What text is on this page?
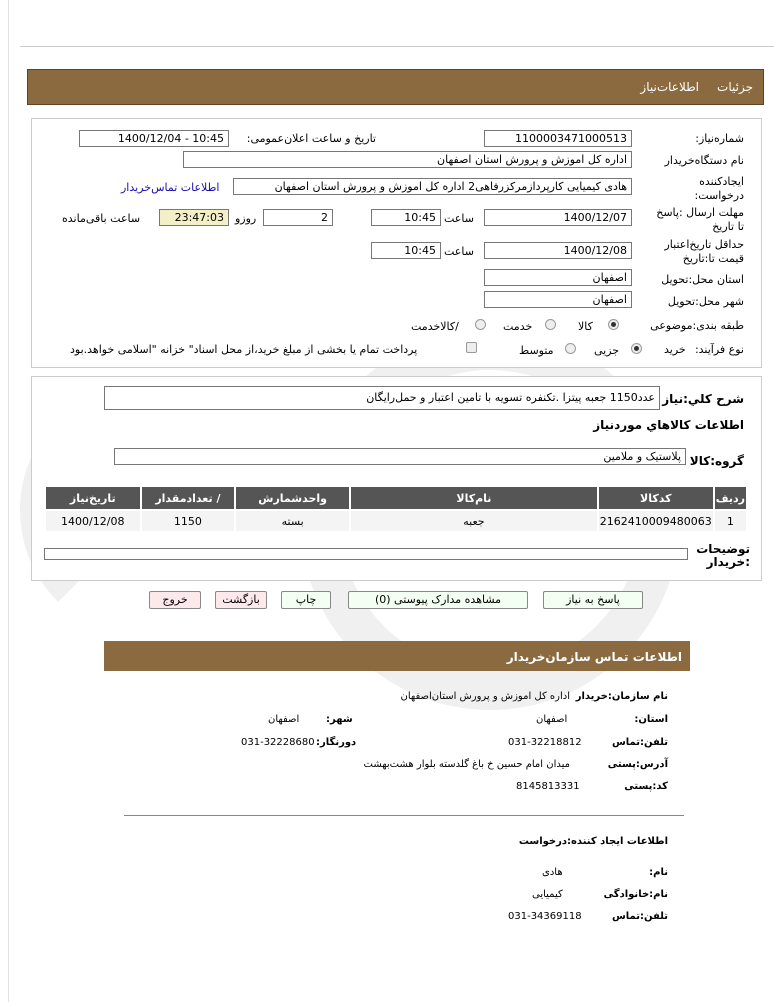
جزئیات
اطلاعات‌نیاز
شماره‌نیاز:
1100003471000513
تاریخ و ساعت اعلان‌عمومی:
1400/12/04 - 10:45
نام دستگاه‌خریدار
اداره کل اموزش و پرورش استان اصفهان
ایجادکننده درخواست:
هادی کیمیایی کارپردازمرکزرفاهی2 اداره کل اموزش و پرورش استان اصفهان
اطلاعات تماس‌خریدار
مهلت ارسال :پاسخ تا تاریخ
1400/12/07
ساعت
10:45
2
روزو
23:47:03
ساعت باقی‌مانده
حداقل تاریخ‌اعتبار قیمت تا:تاریخ
1400/12/08
ساعت
10:45
استان محل:تحویل
اصفهان
شهر محل:تحویل
اصفهان
طبقه بندی:موضوعی
کالا
خدمت
/کالاخدمت
نوع فرآیند:
خرید
جزیی
متوسط
پرداخت تمام یا بخشی از مبلغ خرید،از محل اسناد" خزانه "اسلامی خواهد.بود
شرح کلي:نیاز
عدد1150 جعبه پیتزا .تکنفره تسویه با تامین اعتبار و حمل‌رایگان
اطلاعات کالاهاي موردنياز
گروه:کالا
پلاستیک و ملامین
ردیف	کدکالا	نام‌کالا	واحدشمارش	/ تعدادمقدار	تاریخ‌نیاز
1	2162410009480063	جعبه	بسته	1150	1400/12/08
توضیحات :خریدار
پاسخ به نیاز
مشاهده مدارک پیوستی (0)
چاپ
بازگشت
خروج
اطلاعات تماس سازمان‌خریدار
نام سازمان:خریدار
اداره کل اموزش و پرورش استان‌اصفهان
استان:
اصفهان
شهر:
اصفهان
تلفن:تماس
031-32218812
دورنگار:
031-32228680
آدرس:پستی
میدان امام حسین خ باغ گلدسته بلوار هشت‌بهشت
کد:پستی
8145813331
اطلاعات ایجاد کننده:درخواست
نام:
هادی
نام:خانوادگی
کیمیایی
تلفن:تماس
031-34369118
